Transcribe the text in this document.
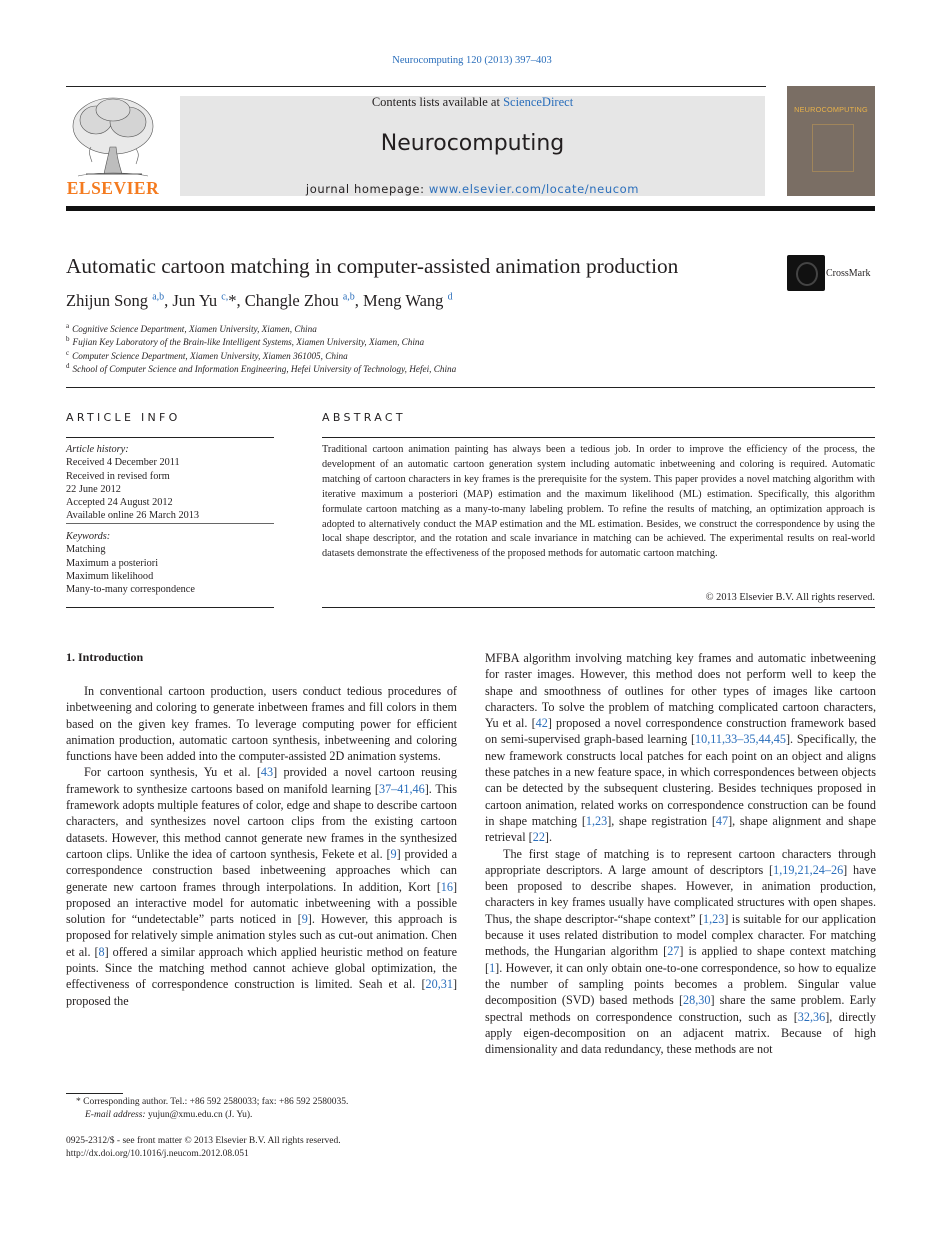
Neurocomputing 120 (2013) 397–403
ELSEVIER
Contents lists available at ScienceDirect
Neurocomputing
journal homepage: www.elsevier.com/locate/neucom
NEUROCOMPUTING
Automatic cartoon matching in computer-assisted animation production	CrossMark
Zhijun Song $^{a,b}$, Jun Yu $^{c,}$*, Changle Zhou $^{a,b}$, Meng Wang $^d$
$^a$ Cognitive Science Department, Xiamen University, Xiamen, China
$^b$ Fujian Key Laboratory of the Brain-like Intelligent Systems, Xiamen University, Xiamen, China
$^c$ Computer Science Department, Xiamen University, Xiamen 361005, China
$^d$ School of Computer Science and Information Engineering, Hefei University of Technology, Hefei, China
ARTICLE INFO
Article history:
Received 4 December 2011
Received in revised form
22 June 2012
Accepted 24 August 2012
Available online 26 March 2013
Keywords:
Matching
Maximum a posteriori
Maximum likelihood
Many-to-many correspondence
ABSTRACT
Traditional cartoon animation painting has always been a tedious job. In order to improve the efficiency of the process, the development of an automatic cartoon generation system including automatic inbetweening and coloring is required. Automatic matching of cartoon characters in key frames is the prerequisite for the system. This paper provides a novel matching algorithm with iterative maximum a posteriori (MAP) estimation and the maximum likelihood (ML) estimation. Specifically, this algorithm formulate cartoon matching as a many-to-many labeling problem. To refine the results of matching, an optimization approach is adopted to alternatively conduct the MAP estimation and the ML estimation. Besides, we construct the correspondence by using the local shape descriptor, and the rotation and scale invariance in matching can be achieved. The experimental results on real-world datasets demonstrate the effectiveness of the proposed methods for automatic cartoon matching.
© 2013 Elsevier B.V. All rights reserved.
1. Introduction

In conventional cartoon production, users conduct tedious procedures of inbetweening and coloring to generate inbetween frames and fill colors in them based on the given key frames. To leverage computing power for efficient animation production, automatic cartoon synthesis, inbetweening and coloring functions have been added into the computer-assisted 2D animation systems.

For cartoon synthesis, Yu et al. [43] provided a novel cartoon reusing framework to synthesize cartoons based on manifold learning [37–41,46]. This framework adopts multiple features of color, edge and shape to describe cartoon characters, and synthesizes novel cartoon clips from the existing cartoon datasets. However, this method cannot generate new frames in the synthesized cartoon clips. Unlike the idea of cartoon synthesis, Fekete et al. [9] provided a correspondence construction based inbetweening approaches which can generate new cartoon frames through interpolations. In addition, Kort [16] proposed an interactive model for automatic inbetweening with a possible solution for “undetectable” parts noticed in [9]. However, this approach is proposed for relatively simple animation styles such as cut-out animation. Chen et al. [8] offered a similar approach which applied heuristic method on feature points. Since the matching method cannot achieve global optimization, the effectiveness of correspondence construction is limited. Seah et al. [20,31] proposed the

MFBA algorithm involving matching key frames and automatic inbetweening for raster images. However, this method does not perform well to keep the shape and smoothness of outlines for other types of images like cartoon characters. To solve the problem of matching complicated cartoon characters, Yu et al. [42] proposed a novel correspondence construction framework based on semi-supervised graph-based learning [10,11,33–35,44,45]. Specifically, the new framework constructs local patches for each point on an object and aligns these patches in a new feature space, in which correspondences between objects can be detected by the subsequent clustering. Besides techniques proposed in cartoon animation, related works on correspondence construction can be found in shape matching [1,23], shape registration [47], shape alignment and shape retrieval [22].

The first stage of matching is to represent cartoon characters through appropriate descriptors. A large amount of descriptors [1,19,21,24–26] have been proposed to describe shapes. However, in animation production, characters in key frames usually have complicated structures with open shapes. Thus, the shape descriptor-“shape context” [1,23] is suitable for our application because it uses related distribution to model complex character. For matching methods, the Hungarian algorithm [27] is applied to shape context matching [1]. However, it can only obtain one-to-one correspondence, so how to equalize the number of sampling points becomes a problem. Singular value decomposition (SVD) based methods [28,30] share the same problem. Early spectral methods on correspondence construction, such as [32,36], directly apply eigen-decomposition on an adjacent matrix. Because of high dimensionality and data redundancy, these methods are not

* Corresponding author. Tel.: +86 592 2580033; fax: +86 592 2580035.
E-mail address: yujun@xmu.edu.cn (J. Yu).
0925-2312/$ - see front matter © 2013 Elsevier B.V. All rights reserved.
http://dx.doi.org/10.1016/j.neucom.2012.08.051
